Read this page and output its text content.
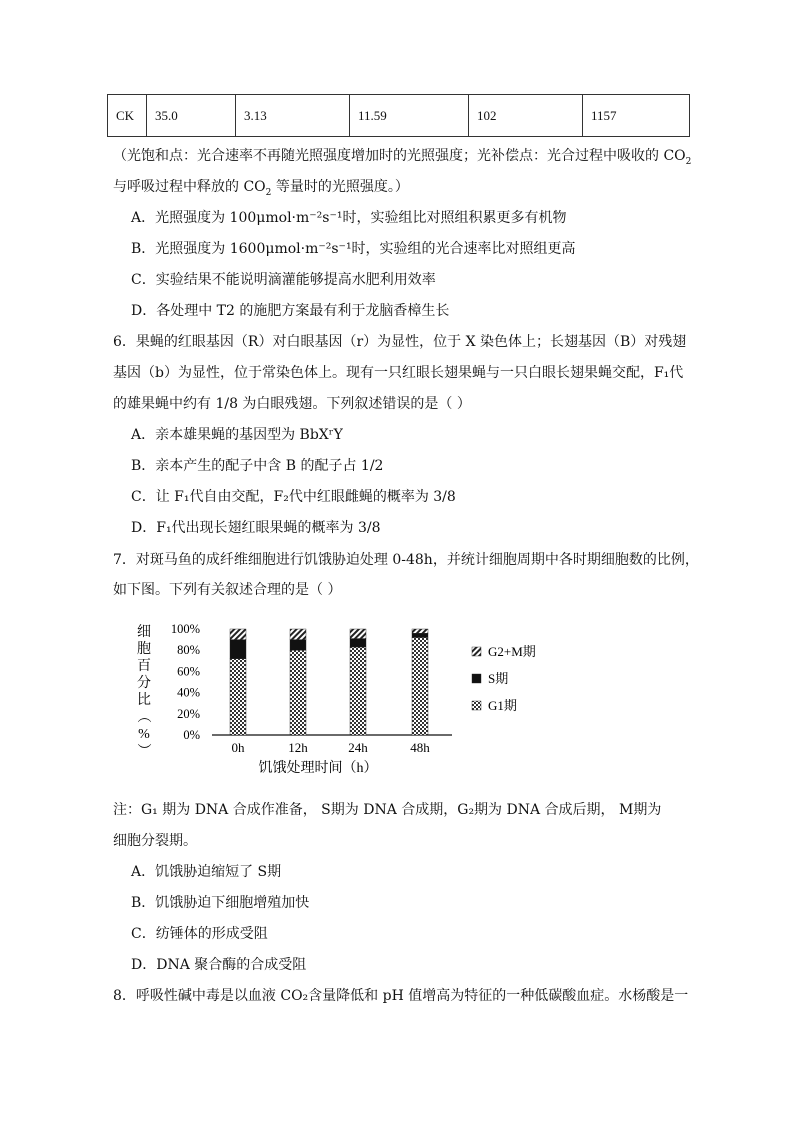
CK	35.0	3.13	11.59	102	1157
（光饱和点：光合速率不再随光照强度增加时的光照强度；光补偿点：光合过程中吸收的 $CO_2$
与呼吸过程中释放的 $CO_2$ 等量时的光照强度。）
A．光照强度为 100μmol·m⁻²s⁻¹时，实验组比对照组积累更多有机物
B．光照强度为 1600μmol·m⁻²s⁻¹时，实验组的光合速率比对照组更高
C．实验结果不能说明滴灌能够提高水肥利用效率
D．各处理中 T2 的施肥方案最有利于龙脑香樟生长
6．果蝇的红眼基因（R）对白眼基因（r）为显性，位于 X 染色体上；长翅基因（B）对残翅
基因（b）为显性，位于常染色体上。现有一只红眼长翅果蝇与一只白眼长翅果蝇交配，F₁代
的雄果蝇中约有 1/8 为白眼残翅。下列叙述错误的是（ ）
A．亲本雄果蝇的基因型为 BbXʳY
B．亲本产生的配子中含 B 的配子占 1/2
C．让 F₁代自由交配，F₂代中红眼雌蝇的概率为 3/8
D．F₁代出现长翅红眼果蝇的概率为 3/8
7．对斑马鱼的成纤维细胞进行饥饿胁迫处理 0-48h，并统计细胞周期中各时期细胞数的比例，
如下图。下列有关叙述合理的是（ ）
细
胞
百
分
比
（
%
）
0%
20%
40%
60%
80%
100%
0h	12h	24h	48h
饥饿处理时间（h）
G2+M期
S期
G1期
注：G₁ 期为 DNA 合成作准备， S期为 DNA 合成期，G₂期为 DNA 合成后期， M期为
细胞分裂期。
A．饥饿胁迫缩短了 S期
B．饥饿胁迫下细胞增殖加快
C．纺锤体的形成受阻
D．DNA 聚合酶的合成受阻
8．呼吸性碱中毒是以血液 CO₂含量降低和 pH 值增高为特征的一种低碳酸血症。水杨酸是一
